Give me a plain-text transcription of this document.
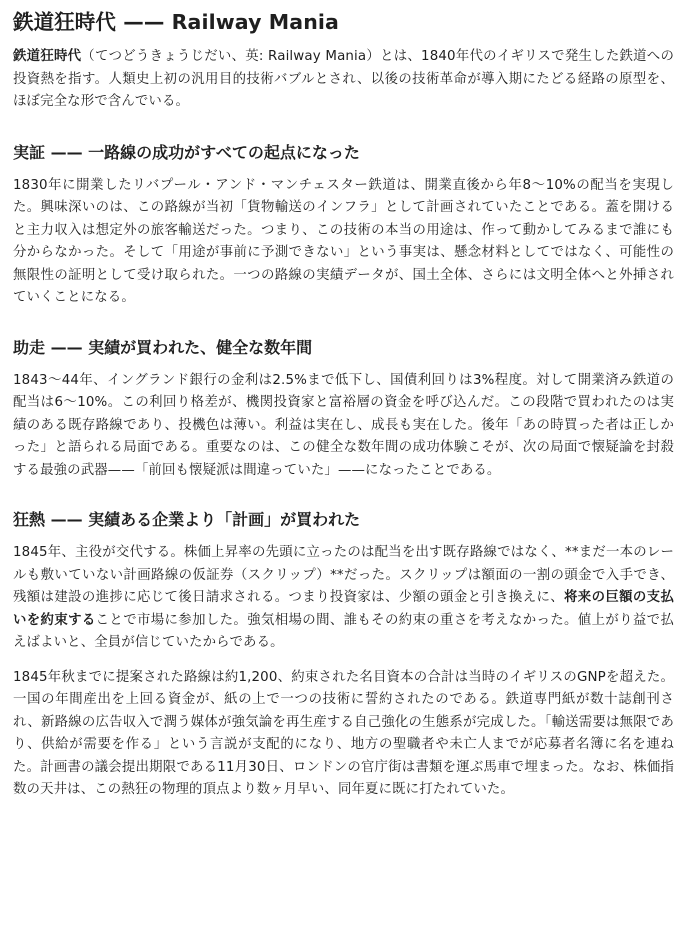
鉄道狂時代 —— Railway Mania

鉄道狂時代（てつどうきょうじだい、英: Railway Mania）とは、1840年代のイギリスで発生した鉄道への投資熱を指す。人類史上初の汎用目的技術バブルとされ、以後の技術革命が導入期にたどる経路の原型を、ほぼ完全な形で含んでいる。

実証 —— 一路線の成功がすべての起点になった

1830年に開業したリバプール・アンド・マンチェスター鉄道は、開業直後から年8〜10%の配当を実現した。興味深いのは、この路線が当初「貨物輸送のインフラ」として計画されていたことである。蓋を開けると主力収入は想定外の旅客輸送だった。つまり、この技術の本当の用途は、作って動かしてみるまで誰にも分からなかった。そして「用途が事前に予測できない」という事実は、懸念材料としてではなく、可能性の無限性の証明として受け取られた。一つの路線の実績データが、国土全体、さらには文明全体へと外挿されていくことになる。

助走 —— 実績が買われた、健全な数年間

1843〜44年、イングランド銀行の金利は2.5%まで低下し、国債利回りは3%程度。対して開業済み鉄道の配当は6〜10%。この利回り格差が、機関投資家と富裕層の資金を呼び込んだ。この段階で買われたのは実績のある既存路線であり、投機色は薄い。利益は実在し、成長も実在した。後年「あの時買った者は正しかった」と語られる局面である。重要なのは、この健全な数年間の成功体験こそが、次の局面で懐疑論を封殺する最強の武器——「前回も懐疑派は間違っていた」——になったことである。

狂熱 —— 実績ある企業より「計画」が買われた

1845年、主役が交代する。株価上昇率の先頭に立ったのは配当を出す既存路線ではなく、**まだ一本のレールも敷いていない計画路線の仮証券（スクリップ）**だった。スクリップは額面の一割の頭金で入手でき、残額は建設の進捗に応じて後日請求される。つまり投資家は、少額の頭金と引き換えに、将来の巨額の支払いを約束することで市場に参加した。強気相場の間、誰もその約束の重さを考えなかった。値上がり益で払えばよいと、全員が信じていたからである。

1845年秋までに提案された路線は約1,200、約束された名目資本の合計は当時のイギリスのGNPを超えた。一国の年間産出を上回る資金が、紙の上で一つの技術に誓約されたのである。鉄道専門紙が数十誌創刊され、新路線の広告収入で潤う媒体が強気論を再生産する自己強化の生態系が完成した。「輸送需要は無限であり、供給が需要を作る」という言説が支配的になり、地方の聖職者や未亡人までが応募者名簿に名を連ねた。計画書の議会提出期限である11月30日、ロンドンの官庁街は書類を運ぶ馬車で埋まった。なお、株価指数の天井は、この熱狂の物理的頂点より数ヶ月早い、同年夏に既に打たれていた。
